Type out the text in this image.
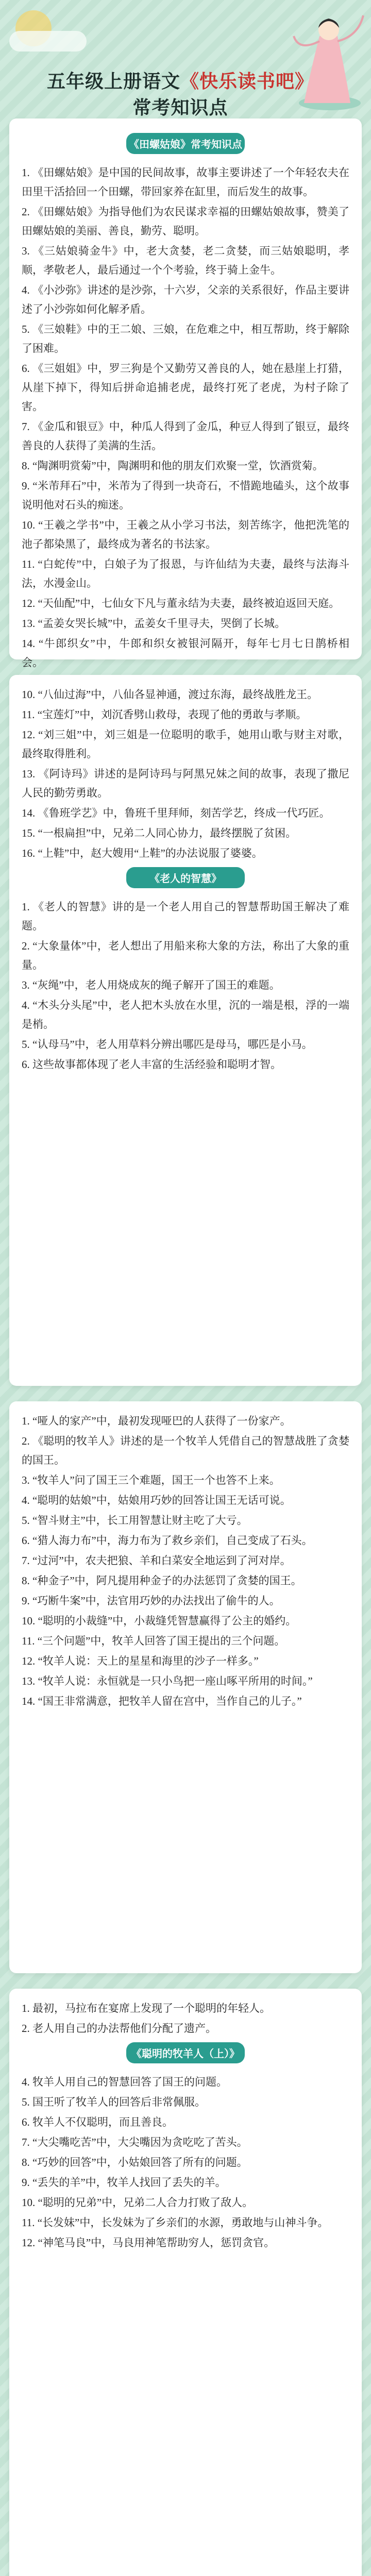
五年级上册语文《快乐读书吧》常考知识点
《田螺姑娘》常考知识点

1. 《田螺姑娘》是中国的民间故事，故事主要讲述了一个年轻农夫在田里干活拾回一个田螺，带回家养在缸里，而后发生的故事。

2. 《田螺姑娘》为指导他们为农民谋求幸福的田螺姑娘故事，赞美了田螺姑娘的美丽、善良，勤劳、聪明。

3. 《三姑娘骑金牛》中，老大贪婪，老二贪婪，而三姑娘聪明，孝顺，孝敬老人，最后通过一个个考验，终于骑上金牛。

4. 《小沙弥》讲述的是沙弥，十六岁，父亲的关系很好，作品主要讲述了小沙弥如何化解矛盾。

5. 《三娘鞋》中的王二娘、三娘，在危难之中，相互帮助，终于解除了困难。

6. 《三姐姐》中，罗三狗是个又勤劳又善良的人，她在悬崖上打猎，从崖下掉下，得知后拼命追捕老虎，最终打死了老虎，为村子除了害。

7. 《金瓜和银豆》中，种瓜人得到了金瓜，种豆人得到了银豆，最终善良的人获得了美满的生活。

8. “陶渊明赏菊”中，陶渊明和他的朋友们欢聚一堂，饮酒赏菊。

9. “米芾拜石”中，米芾为了得到一块奇石，不惜跪地磕头，这个故事说明他对石头的痴迷。

10. “王羲之学书”中，王羲之从小学习书法，刻苦练字，他把洗笔的池子都染黑了，最终成为著名的书法家。

11. “白蛇传”中，白娘子为了报恩，与许仙结为夫妻，最终与法海斗法，水漫金山。

12. “天仙配”中，七仙女下凡与董永结为夫妻，最终被迫返回天庭。

13. “孟姜女哭长城”中，孟姜女千里寻夫，哭倒了长城。

14. “牛郎织女”中，牛郎和织女被银河隔开，每年七月七日鹊桥相会。

10. “八仙过海”中，八仙各显神通，渡过东海，最终战胜龙王。

11. “宝莲灯”中，刘沉香劈山救母，表现了他的勇敢与孝顺。

12. “刘三姐”中，刘三姐是一位聪明的歌手，她用山歌与财主对歌，最终取得胜利。

13. 《阿诗玛》讲述的是阿诗玛与阿黑兄妹之间的故事，表现了撒尼人民的勤劳勇敢。

14. 《鲁班学艺》中，鲁班千里拜师，刻苦学艺，终成一代巧匠。

15. “一根扁担”中，兄弟二人同心协力，最终摆脱了贫困。

16. “上鞋”中，赵大嫂用“上鞋”的办法说服了婆婆。

《老人的智慧》

1. 《老人的智慧》讲的是一个老人用自己的智慧帮助国王解决了难题。

2. “大象量体”中，老人想出了用船来称大象的方法，称出了大象的重量。

3. “灰绳”中，老人用烧成灰的绳子解开了国王的难题。

4. “木头分头尾”中，老人把木头放在水里，沉的一端是根，浮的一端是梢。

5. “认母马”中，老人用草料分辨出哪匹是母马，哪匹是小马。

6. 这些故事都体现了老人丰富的生活经验和聪明才智。

1. “哑人的家产”中，最初发现哑巴的人获得了一份家产。

2. 《聪明的牧羊人》讲述的是一个牧羊人凭借自己的智慧战胜了贪婪的国王。

3. “牧羊人”问了国王三个难题，国王一个也答不上来。

4. “聪明的姑娘”中，姑娘用巧妙的回答让国王无话可说。

5. “智斗财主”中，长工用智慧让财主吃了大亏。

6. “猎人海力布”中，海力布为了救乡亲们，自己变成了石头。

7. “过河”中，农夫把狼、羊和白菜安全地运到了河对岸。

8. “种金子”中，阿凡提用种金子的办法惩罚了贪婪的国王。

9. “巧断牛案”中，法官用巧妙的办法找出了偷牛的人。

10. “聪明的小裁缝”中，小裁缝凭智慧赢得了公主的婚约。

11. “三个问题”中，牧羊人回答了国王提出的三个问题。

12. “牧羊人说：天上的星星和海里的沙子一样多。”

13. “牧羊人说：永恒就是一只小鸟把一座山啄平所用的时间。”

14. “国王非常满意，把牧羊人留在宫中，当作自己的儿子。”

1. 最初，马拉布在宴席上发现了一个聪明的年轻人。

2. 老人用自己的办法帮他们分配了遗产。

《聪明的牧羊人（上）》

4. 牧羊人用自己的智慧回答了国王的问题。

5. 国王听了牧羊人的回答后非常佩服。

6. 牧羊人不仅聪明，而且善良。

7. “大尖嘴吃苦”中，大尖嘴因为贪吃吃了苦头。

8. “巧妙的回答”中，小姑娘回答了所有的问题。

9. “丢失的羊”中，牧羊人找回了丢失的羊。

10. “聪明的兄弟”中，兄弟二人合力打败了敌人。

11. “长发妹”中，长发妹为了乡亲们的水源，勇敢地与山神斗争。

12. “神笔马良”中，马良用神笔帮助穷人，惩罚贪官。
